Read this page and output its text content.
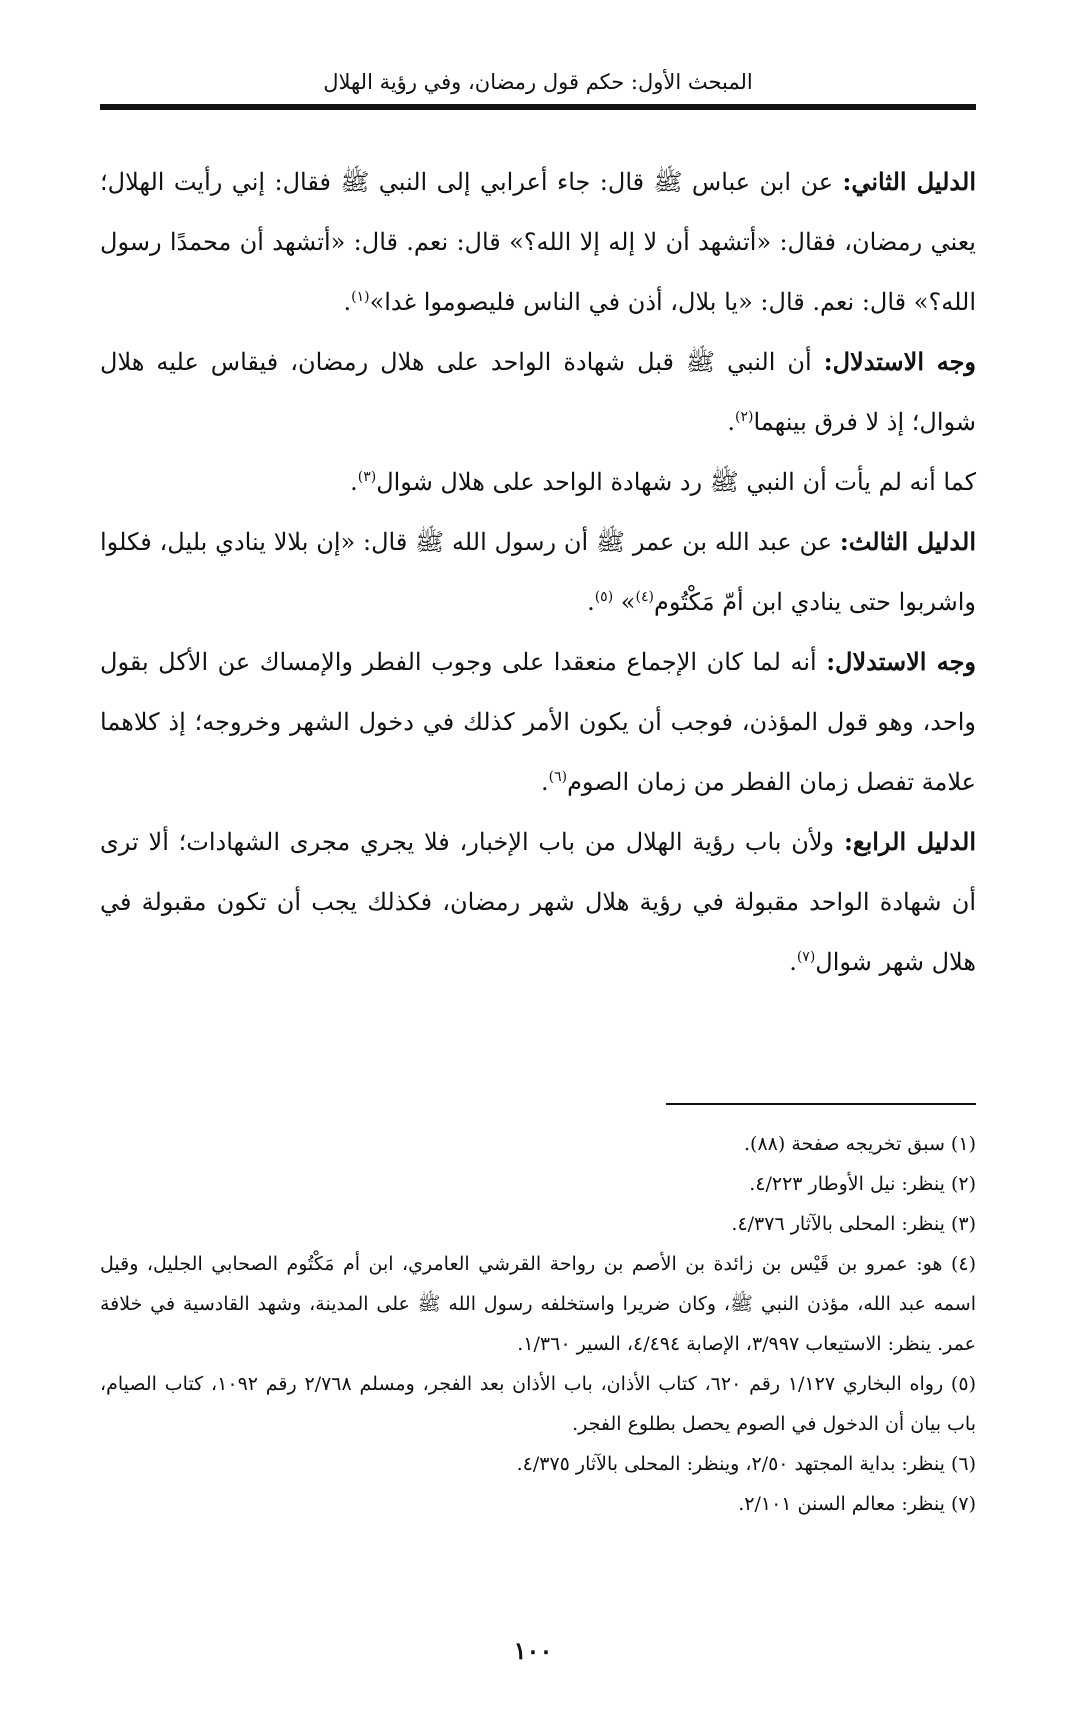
المبحث الأول: حكم قول رمضان، وفي رؤية الهلال

الدليل الثاني: عن ابن عباس ﷺ قال: جاء أعرابي إلى النبي ﷺ فقال: إني رأيت الهلال؛ يعني رمضان، فقال: «أتشهد أن لا إله إلا الله؟» قال: نعم. قال: «أتشهد أن محمدًا رسول الله؟» قال: نعم. قال: «يا بلال، أذن في الناس فليصوموا غدا»$^{(١)}$.

وجه الاستدلال: أن النبي ﷺ قبل شهادة الواحد على هلال رمضان، فيقاس عليه هلال شوال؛ إذ لا فرق بينهما$^{(٢)}$.

كما أنه لم يأت أن النبي ﷺ رد شهادة الواحد على هلال شوال$^{(٣)}$.

الدليل الثالث: عن عبد الله بن عمر ﷺ أن رسول الله ﷺ قال: «إن بلالا ينادي بليل، فكلوا واشربوا حتى ينادي ابن أمّ مَكْتُوم$^{(٤)}$» $^{(٥)}$.

وجه الاستدلال: أنه لما كان الإجماع منعقدا على وجوب الفطر والإمساك عن الأكل بقول واحد، وهو قول المؤذن، فوجب أن يكون الأمر كذلك في دخول الشهر وخروجه؛ إذ كلاهما علامة تفصل زمان الفطر من زمان الصوم$^{(٦)}$.

الدليل الرابع: ولأن باب رؤية الهلال من باب الإخبار، فلا يجري مجرى الشهادات؛ ألا ترى أن شهادة الواحد مقبولة في رؤية هلال شهر رمضان، فكذلك يجب أن تكون مقبولة في هلال شهر شوال$^{(٧)}$.

(١) سبق تخريجه صفحة (٨٨).

(٢) ينظر: نيل الأوطار ٤/٢٢٣.

(٣) ينظر: المحلى بالآثار ٤/٣٧٦.

(٤) هو: عمرو بن قَيْس بن زائدة بن الأصم بن رواحة القرشي العامري، ابن أم مَكْتُوم الصحابي الجليل، وقيل اسمه عبد الله، مؤذن النبي ﷺ، وكان ضريرا واستخلفه رسول الله ﷺ على المدينة، وشهد القادسية في خلافة عمر. ينظر: الاستيعاب ٣/٩٩٧، الإصابة ٤/٤٩٤، السير ١/٣٦٠.

(٥) رواه البخاري ١/١٢٧ رقم ٦٢٠، كتاب الأذان، باب الأذان بعد الفجر، ومسلم ٢/٧٦٨ رقم ١٠٩٢، كتاب الصيام، باب بيان أن الدخول في الصوم يحصل بطلوع الفجر.

(٦) ينظر: بداية المجتهد ٢/٥٠، وينظر: المحلى بالآثار ٤/٣٧٥.

(٧) ينظر: معالم السنن ٢/١٠١.

١٠٠
